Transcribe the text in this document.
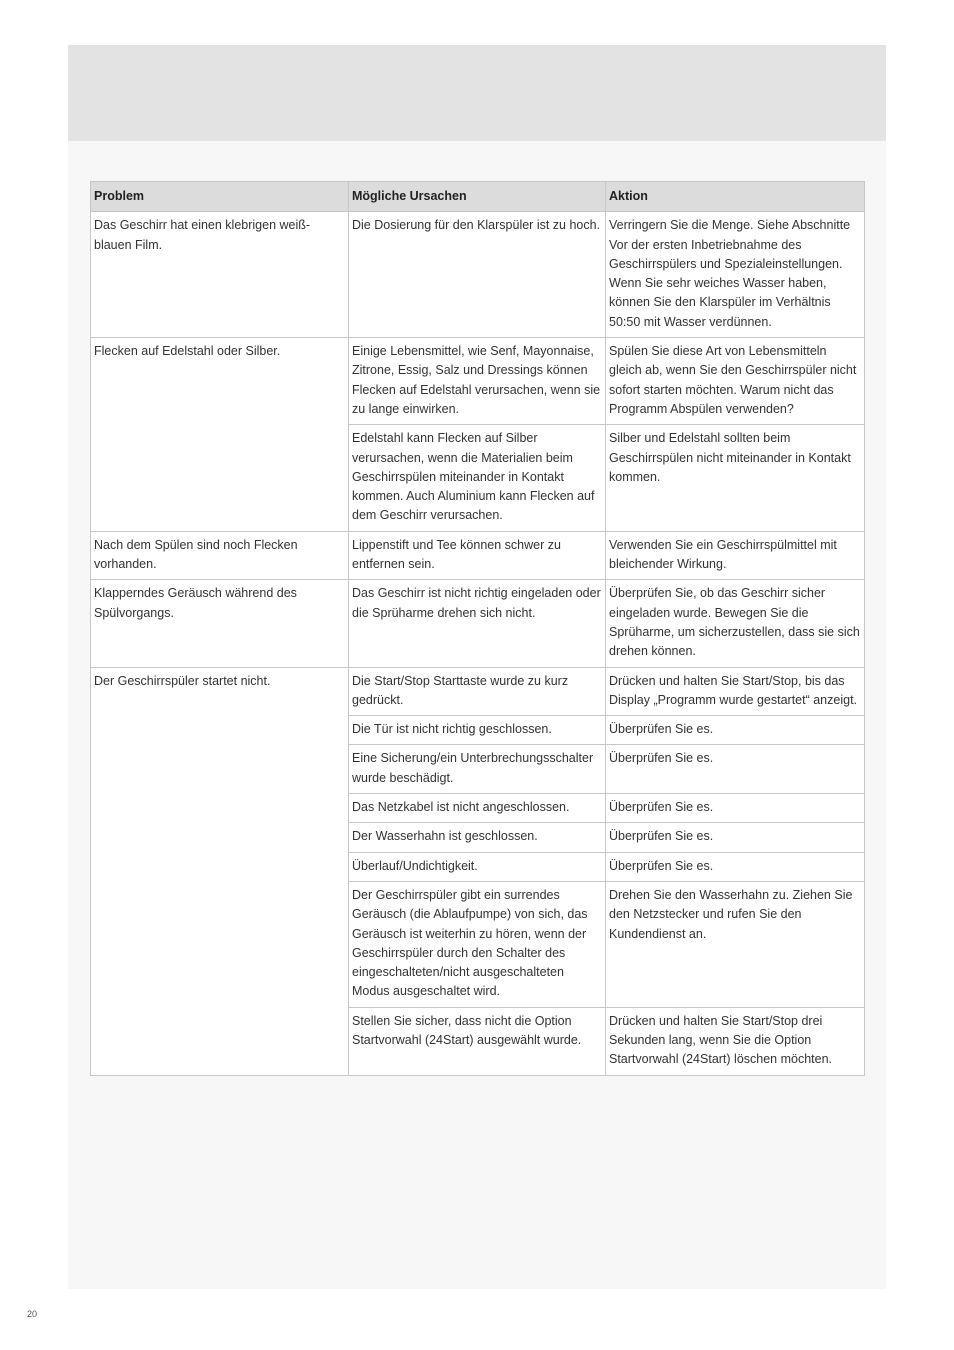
Problem	Mögliche Ursachen	Aktion
Das Geschirr hat einen klebrigen weiß-blauen Film.	Die Dosierung für den Klarspüler ist zu hoch.	Verringern Sie die Menge. Siehe Abschnitte Vor der ersten Inbetriebnahme des Geschirrspülers und Spezialeinstellungen. Wenn Sie sehr weiches Wasser haben, können Sie den Klarspüler im Verhältnis 50:50 mit Wasser verdünnen.
Flecken auf Edelstahl oder Silber.	Einige Lebensmittel, wie Senf, Mayonnaise, Zitrone, Essig, Salz und Dressings können Flecken auf Edelstahl verursachen, wenn sie zu lange einwirken.	Spülen Sie diese Art von Lebensmitteln gleich ab, wenn Sie den Geschirrspüler nicht sofort starten möchten. Warum nicht das Programm Abspülen verwenden?
	Edelstahl kann Flecken auf Silber verursachen, wenn die Materialien beim Geschirrspülen miteinander in Kontakt kommen. Auch Aluminium kann Flecken auf dem Geschirr verursachen.	Silber und Edelstahl sollten beim Geschirrspülen nicht miteinander in Kontakt kommen.
Nach dem Spülen sind noch Flecken vorhanden.	Lippenstift und Tee können schwer zu entfernen sein.	Verwenden Sie ein Geschirrspülmittel mit bleichender Wirkung.
Klapperndes Geräusch während des Spülvorgangs.	Das Geschirr ist nicht richtig eingeladen oder die Sprüharme drehen sich nicht.	Überprüfen Sie, ob das Geschirr sicher eingeladen wurde. Bewegen Sie die Sprüharme, um sicherzustellen, dass sie sich drehen können.
Der Geschirrspüler startet nicht.	Die Start/Stop Starttaste wurde zu kurz gedrückt.	Drücken und halten Sie Start/Stop, bis das Display „Programm wurde gestartet“ anzeigt.
	Die Tür ist nicht richtig geschlossen.	Überprüfen Sie es.
	Eine Sicherung/ein Unterbrechungsschalter wurde beschädigt.	Überprüfen Sie es.
	Das Netzkabel ist nicht angeschlossen.	Überprüfen Sie es.
	Der Wasserhahn ist geschlossen.	Überprüfen Sie es.
	Überlauf/Undichtigkeit.	Überprüfen Sie es.
	Der Geschirrspüler gibt ein surrendes Geräusch (die Ablaufpumpe) von sich, das Geräusch ist weiterhin zu hören, wenn der Geschirrspüler durch den Schalter des eingeschalteten/nicht ausgeschalteten Modus ausgeschaltet wird.	Drehen Sie den Wasserhahn zu. Ziehen Sie den Netzstecker und rufen Sie den Kundendienst an.
	Stellen Sie sicher, dass nicht die Option Startvorwahl (24Start) ausgewählt wurde.	Drücken und halten Sie Start/Stop drei Sekunden lang, wenn Sie die Option Startvorwahl (24Start) löschen möchten.
20
